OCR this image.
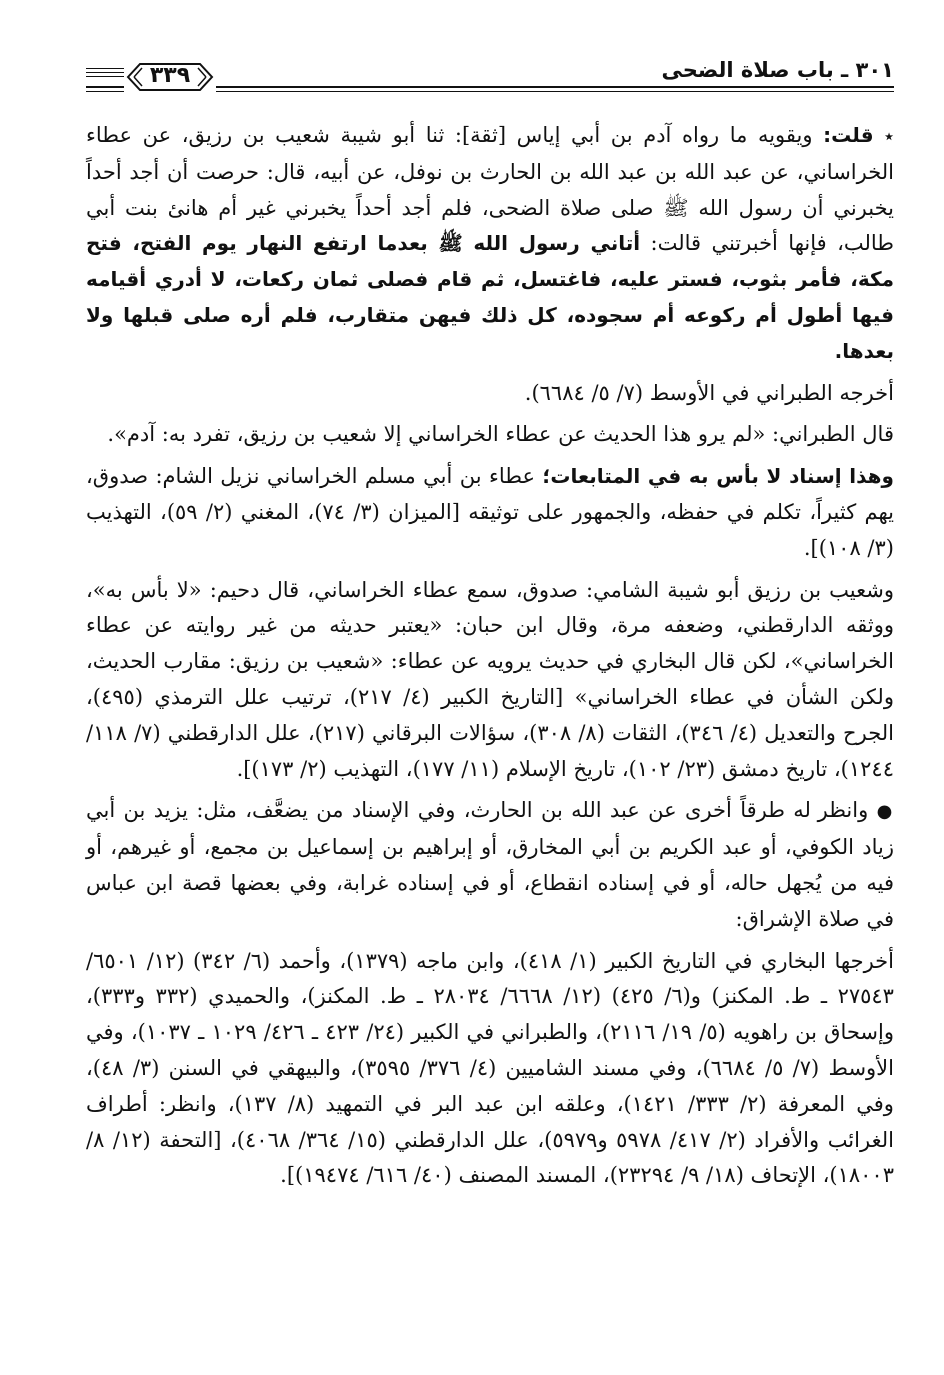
٣٠١ ـ باب صلاة الضحى
٣٣٩

٭ قلت: ويقويه ما رواه آدم بن أبي إياس [ثقة]: ثنا أبو شيبة شعيب بن رزيق، عن عطاء الخراساني، عن عبد الله بن عبد الله بن الحارث بن نوفل، عن أبيه، قال: حرصت أن أجد أحداً يخبرني أن رسول الله ﷺ صلى صلاة الضحى، فلم أجد أحداً يخبرني غير أم هانئ بنت أبي طالب، فإنها أخبرتني قالت: أتاني رسول الله ﷺ بعدما ارتفع النهار يوم الفتح، فتح مكة، فأمر بثوب، فستر عليه، فاغتسل، ثم قام فصلى ثمان ركعات، لا أدري أقيامه فيها أطول أم ركوعه أم سجوده، كل ذلك فيهن متقارب، فلم أره صلى قبلها ولا بعدها.

أخرجه الطبراني في الأوسط (٧/ ٥/ ٦٦٨٤).

قال الطبراني: «لم يرو هذا الحديث عن عطاء الخراساني إلا شعيب بن رزيق، تفرد به: آدم».

وهذا إسناد لا بأس به في المتابعات؛ عطاء بن أبي مسلم الخراساني نزيل الشام: صدوق، يهم كثيراً، تكلم في حفظه، والجمهور على توثيقه [الميزان (٣/ ٧٤)، المغني (٢/ ٥٩)، التهذيب (٣/ ١٠٨)].

وشعيب بن رزيق أبو شيبة الشامي: صدوق، سمع عطاء الخراساني، قال دحيم: «لا بأس به»، ووثقه الدارقطني، وضعفه مرة، وقال ابن حبان: «يعتبر حديثه من غير روايته عن عطاء الخراساني»، لكن قال البخاري في حديث يرويه عن عطاء: «شعيب بن رزيق: مقارب الحديث، ولكن الشأن في عطاء الخراساني» [التاريخ الكبير (٤/ ٢١٧)، ترتيب علل الترمذي (٤٩٥)، الجرح والتعديل (٤/ ٣٤٦)، الثقات (٨/ ٣٠٨)، سؤالات البرقاني (٢١٧)، علل الدارقطني (٧/ ١١٨/ ١٢٤٤)، تاريخ دمشق (٢٣/ ١٠٢)، تاريخ الإسلام (١١/ ١٧٧)، التهذيب (٢/ ١٧٣)].

● وانظر له طرقاً أخرى عن عبد الله بن الحارث، وفي الإسناد من يضعَّف، مثل: يزيد بن أبي زياد الكوفي، أو عبد الكريم بن أبي المخارق، أو إبراهيم بن إسماعيل بن مجمع، أو غيرهم، أو فيه من يُجهل حاله، أو في إسناده انقطاع، أو في إسناده غرابة، وفي بعضها قصة ابن عباس في صلاة الإشراق:

أخرجها البخاري في التاريخ الكبير (١/ ٤١٨)، وابن ماجه (١٣٧٩)، وأحمد (٦/ ٣٤٢) (١٢/ ٦٥٠١/ ٢٧٥٤٣ ـ ط. المكنز) و(٦/ ٤٢٥) (١٢/ ٦٦٦٨/ ٢٨٠٣٤ ـ ط. المكنز)، والحميدي (٣٣٢ و٣٣٣)، وإسحاق بن راهويه (٥/ ١٩/ ٢١١٦)، والطبراني في الكبير (٢٤/ ٤٢٣ ـ ٤٢٦/ ١٠٢٩ ـ ١٠٣٧)، وفي الأوسط (٧/ ٥/ ٦٦٨٤)، وفي مسند الشاميين (٤/ ٣٧٦/ ٣٥٩٥)، والبيهقي في السنن (٣/ ٤٨)، وفي المعرفة (٢/ ٣٣٣/ ١٤٢١)، وعلقه ابن عبد البر في التمهيد (٨/ ١٣٧)، وانظر: أطراف الغرائب والأفراد (٢/ ٤١٧/ ٥٩٧٨ و٥٩٧٩)، علل الدارقطني (١٥/ ٣٦٤/ ٤٠٦٨)، [التحفة (١٢/ ٨/ ١٨٠٠٣)، الإتحاف (١٨/ ٩/ ٢٣٢٩٤)، المسند المصنف (٤٠/ ٦١٦/ ١٩٤٧٤)].
